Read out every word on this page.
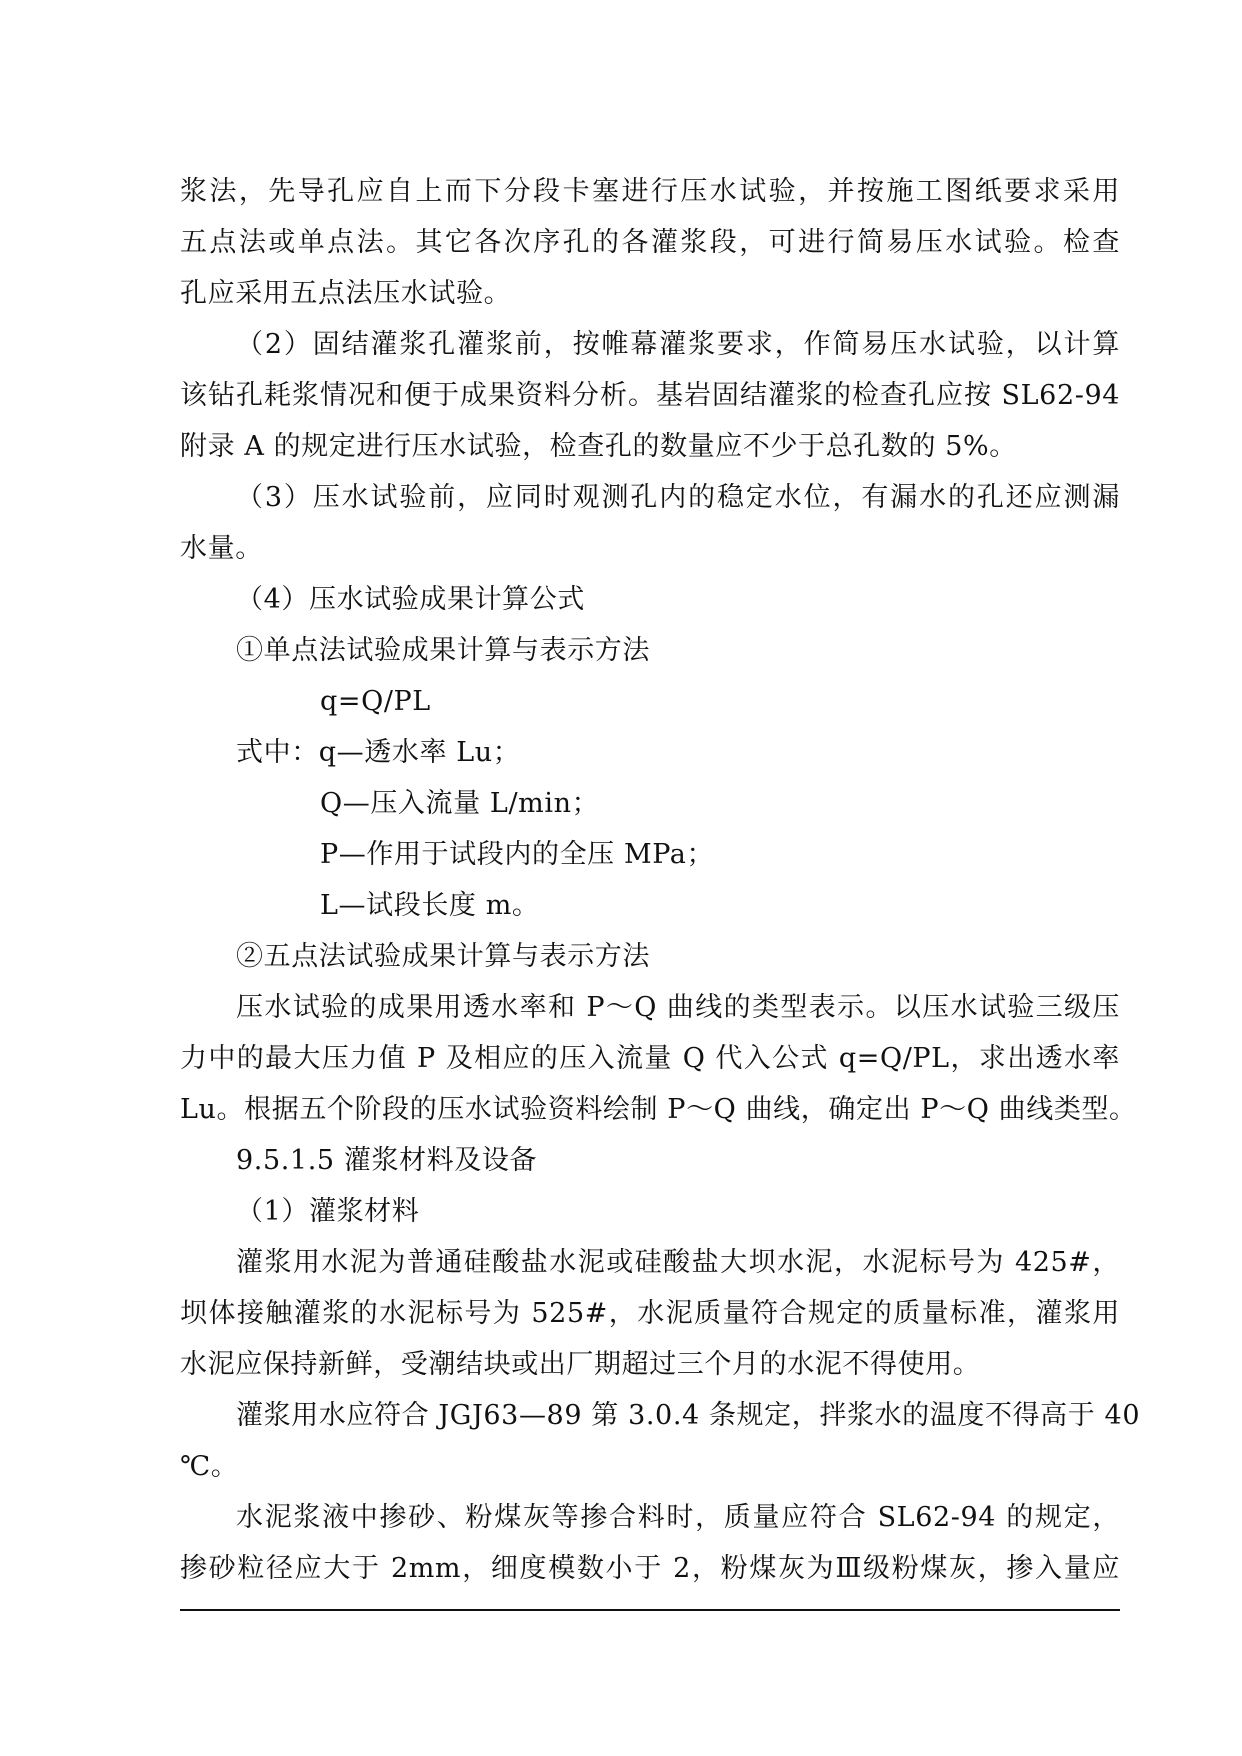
浆法，先导孔应自上而下分段卡塞进行压水试验，并按施工图纸要求采用
五点法或单点法。其它各次序孔的各灌浆段，可进行简易压水试验。检查
孔应采用五点法压水试验。
（2）固结灌浆孔灌浆前，按帷幕灌浆要求，作简易压水试验，以计算
该钻孔耗浆情况和便于成果资料分析。基岩固结灌浆的检查孔应按 SL62-94
附录 A 的规定进行压水试验，检查孔的数量应不少于总孔数的 5%。
（3）压水试验前，应同时观测孔内的稳定水位，有漏水的孔还应测漏
水量。
（4）压水试验成果计算公式
①单点法试验成果计算与表示方法
q=Q/PL
式中：q—透水率 Lu；
Q—压入流量 L/min；
P—作用于试段内的全压 MPa；
L—试段长度 m。
②五点法试验成果计算与表示方法
压水试验的成果用透水率和 P～Q 曲线的类型表示。以压水试验三级压
力中的最大压力值 P 及相应的压入流量 Q 代入公式 q=Q/PL，求出透水率
Lu。根据五个阶段的压水试验资料绘制 P～Q 曲线，确定出 P～Q 曲线类型。
9.5.1.5 灌浆材料及设备
（1）灌浆材料
灌浆用水泥为普通硅酸盐水泥或硅酸盐大坝水泥，水泥标号为 425#，
坝体接触灌浆的水泥标号为 525#，水泥质量符合规定的质量标准，灌浆用
水泥应保持新鲜，受潮结块或出厂期超过三个月的水泥不得使用。
灌浆用水应符合 JGJ63—89 第 3.0.4 条规定，拌浆水的温度不得高于 40
℃。
水泥浆液中掺砂、粉煤灰等掺合料时，质量应符合 SL62-94 的规定，
掺砂粒径应大于 2mm，细度模数小于 2，粉煤灰为Ⅲ级粉煤灰，掺入量应
